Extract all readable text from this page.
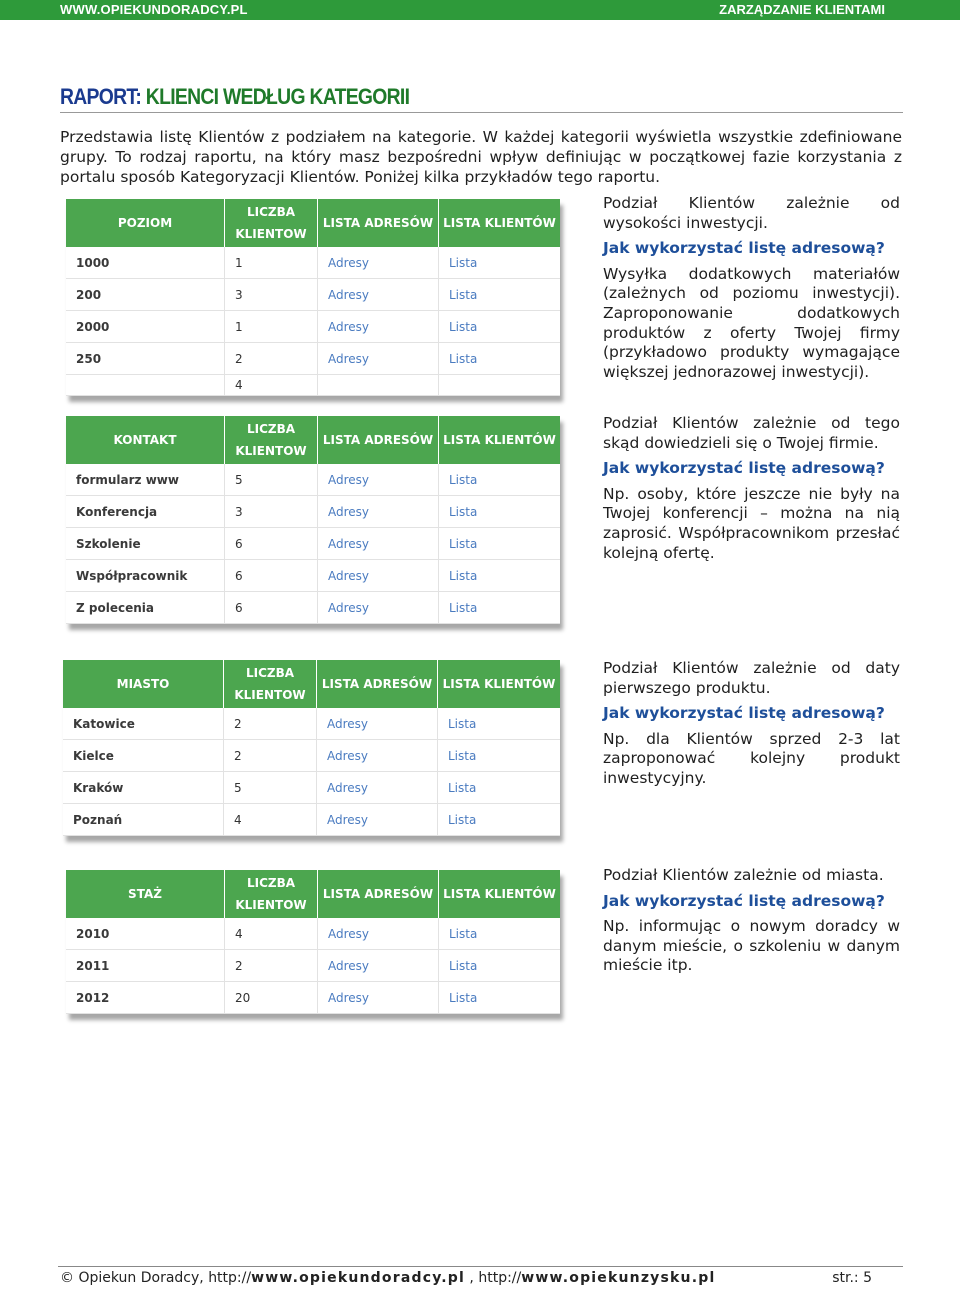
WWW.OPIEKUNDORADCY.PL	ZARZĄDZANIE KLIENTAMI
RAPORT: KLIENCI WEDŁUG KATEGORII
Przedstawia listę Klientów z podziałem na kategorie. W każdej kategorii wyświetla wszystkie zdefiniowane grupy. To rodzaj raportu, na który masz bezpośredni wpływ definiując w początkowej fazie korzystania z portalu sposób Kategoryzacji Klientów. Poniżej kilka przykładów tego raportu.
POZIOM	LICZBA KLIENTOW	LISTA ADRESÓW	LISTA KLIENTÓW
1000	1	Adresy	Lista
200	3	Adresy	Lista
2000	1	Adresy	Lista
250	2	Adresy	Lista
	4		

Podział Klientów zależnie od wysokości inwestycji.

Jak wykorzystać listę adresową?

Wysyłka dodatkowych materiałów (zależnych od poziomu inwestycji). Zaproponowanie dodatkowych produktów z oferty Twojej firmy (przykładowo produkty wymagające większej jednorazowej inwestycji).

KONTAKT	LICZBA KLIENTOW	LISTA ADRESÓW	LISTA KLIENTÓW
formularz www	5	Adresy	Lista
Konferencja	3	Adresy	Lista
Szkolenie	6	Adresy	Lista
Współpracownik	6	Adresy	Lista
Z polecenia	6	Adresy	Lista

Podział Klientów zależnie od tego skąd dowiedzieli się o Twojej firmie.

Jak wykorzystać listę adresową?

Np. osoby, które jeszcze nie były na Twojej konferencji – można na nią zaprosić. Współpracownikom przesłać kolejną ofertę.

MIASTO	LICZBA KLIENTOW	LISTA ADRESÓW	LISTA KLIENTÓW
Katowice	2	Adresy	Lista
Kielce	2	Adresy	Lista
Kraków	5	Adresy	Lista
Poznań	4	Adresy	Lista

Podział Klientów zależnie od daty pierwszego produktu.

Jak wykorzystać listę adresową?

Np. dla Klientów sprzed 2-3 lat zaproponować kolejny produkt inwestycyjny.

STAŻ	LICZBA KLIENTOW	LISTA ADRESÓW	LISTA KLIENTÓW
2010	4	Adresy	Lista
2011	2	Adresy	Lista
2012	20	Adresy	Lista

Podział Klientów zależnie od miasta.

Jak wykorzystać listę adresową?

Np. informując o nowym doradcy w danym mieście, o szkoleniu w danym mieście itp.

© Opiekun Doradcy, http://www.opiekundoradcy.pl , http://www.opiekunzysku.pl	str.: 5
